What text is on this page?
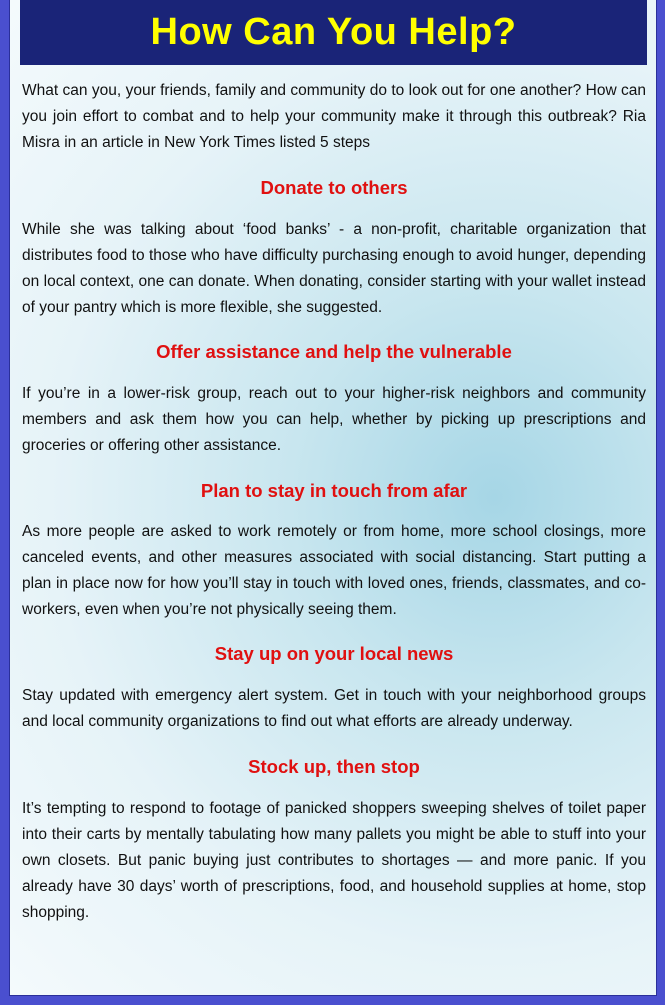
How Can You Help?

What can you, your friends, family and community do to look out for one another? How can you join effort to combat and to help your community make it through this outbreak? Ria Misra in an article in New York Times listed 5 steps

Donate to others

While she was talking about ‘food banks’ - a non-profit, charitable organization that distributes food to those who have difficulty purchasing enough to avoid hunger, depending on local context, one can donate. When donating, consider starting with your wallet instead of your pantry which is more flexible, she suggested.

Offer assistance and help the vulnerable

If you’re in a lower-risk group, reach out to your higher-risk neighbors and community members and ask them how you can help, whether by picking up prescriptions and groceries or offering other assistance.

Plan to stay in touch from afar

As more people are asked to work remotely or from home, more school closings, more canceled events, and other measures associated with social distancing. Start putting a plan in place now for how you’ll stay in touch with loved ones, friends, classmates, and co-workers, even when you’re not physically seeing them.

Stay up on your local news

Stay updated with emergency alert system. Get in touch with your neighborhood groups and local community organizations to find out what efforts are already underway.

Stock up, then stop

It’s tempting to respond to footage of panicked shoppers sweeping shelves of toilet paper into their carts by mentally tabulating how many pallets you might be able to stuff into your own closets. But panic buying just contributes to shortages — and more panic. If you already have 30 days’ worth of prescriptions, food, and household supplies at home, stop shopping.
